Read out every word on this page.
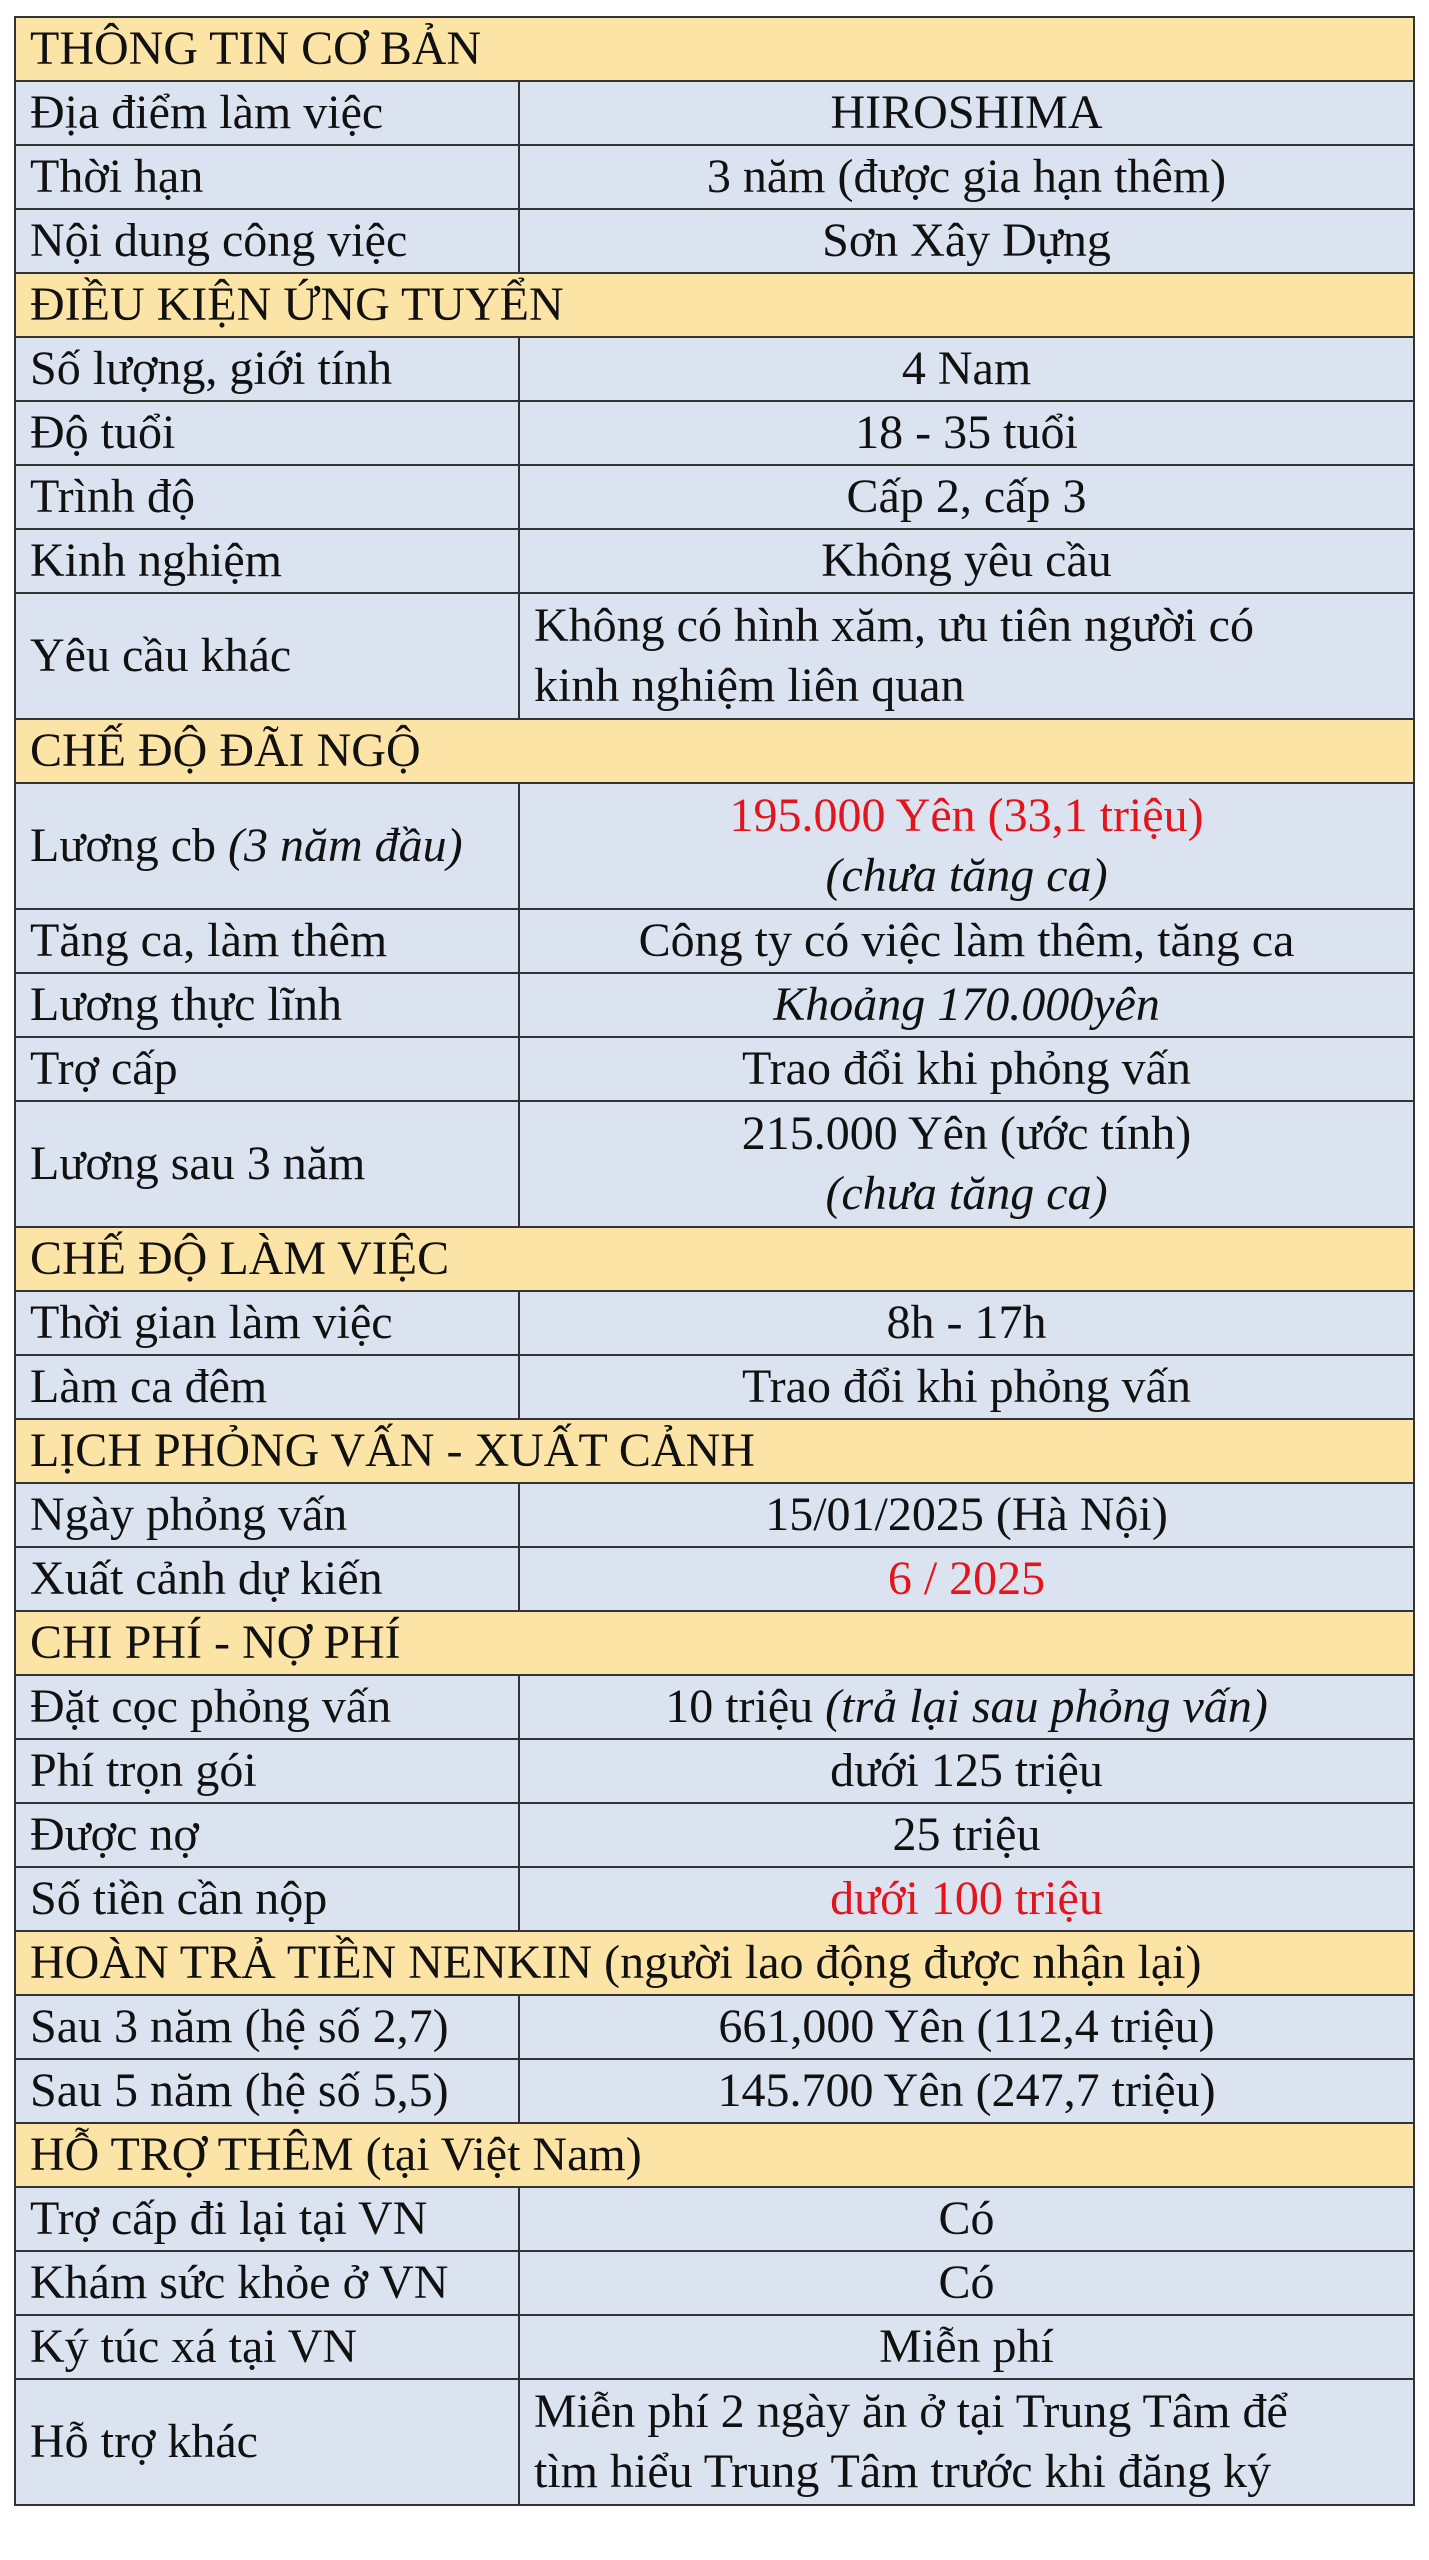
THÔNG TIN CƠ BẢN	
Địa điểm làm việc	HIROSHIMA
Thời hạn	3 năm (được gia hạn thêm)
Nội dung công việc	Sơn Xây Dựng
ĐIỀU KIỆN ỨNG TUYỂN	
Số lượng, giới tính	4 Nam
Độ tuổi	18 - 35 tuổi
Trình độ	Cấp 2, cấp 3
Kinh nghiệm	Không yêu cầu
Yêu cầu khác	Không có hình xăm, ưu tiên người có
kinh nghiệm liên quan

CHẾ ĐỘ ĐÃI NGỘ	
Lương cb (3 năm đầu)	195.000 Yên (33,1 triệu)
(chưa tăng ca)

Tăng ca, làm thêm	Công ty có việc làm thêm, tăng ca
Lương thực lĩnh	Khoảng 170.000yên
Trợ cấp	Trao đổi khi phỏng vấn
Lương sau 3 năm	215.000 Yên (ước tính)
(chưa tăng ca)

CHẾ ĐỘ LÀM VIỆC	
Thời gian làm việc	8h - 17h
Làm ca đêm	Trao đổi khi phỏng vấn
LỊCH PHỎNG VẤN - XUẤT CẢNH	
Ngày phỏng vấn	15/01/2025 (Hà Nội)
Xuất cảnh dự kiến	6 / 2025
CHI PHÍ - NỢ PHÍ	
Đặt cọc phỏng vấn	10 triệu (trả lại sau phỏng vấn)
Phí trọn gói	dưới 125 triệu
Được nợ	25 triệu
Số tiền cần nộp	dưới 100 triệu
HOÀN TRẢ TIỀN NENKIN (người lao động được nhận lại)	
Sau 3 năm (hệ số 2,7)	661,000 Yên (112,4 triệu)
Sau 5 năm (hệ số 5,5)	145.700 Yên (247,7 triệu)
HỖ TRỢ THÊM (tại Việt Nam)	
Trợ cấp đi lại tại VN	Có
Khám sức khỏe ở VN	Có
Ký túc xá tại VN	Miễn phí
Hỗ trợ khác	Miễn phí 2 ngày ăn ở tại Trung Tâm để
tìm hiểu Trung Tâm trước khi đăng ký
